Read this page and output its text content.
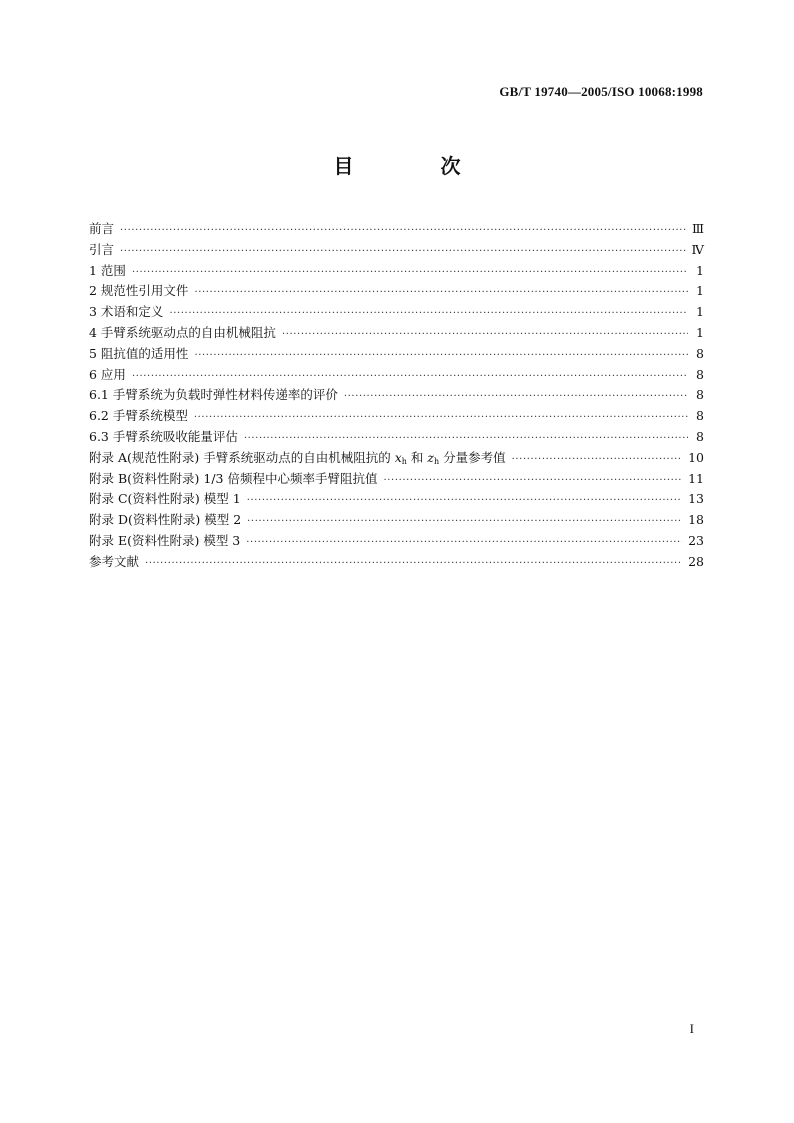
GB/T 19740—2005/ISO 10068:1998
目 次
前言 ·····	Ⅲ
引言 ·····	Ⅳ
1 范围 ·····	1
2 规范性引用文件 ·····	1
3 术语和定义 ·····	1
4 手臂系统驱动点的自由机械阻抗 ·····	1
5 阻抗值的适用性 ·····	8
6 应用 ·····	8
6.1 手臂系统为负载时弹性材料传递率的评价 ·····	8
6.2 手臂系统模型 ·····	8
6.3 手臂系统吸收能量评估 ·····	8
附录 A(规范性附录) 手臂系统驱动点的自由机械阻抗的 $x_h$ 和 $z_h$ 分量参考值 ·····	10
附录 B(资料性附录) 1/3 倍频程中心频率手臂阻抗值 ·····	11
附录 C(资料性附录) 模型 1 ·····	13
附录 D(资料性附录) 模型 2 ·····	18
附录 E(资料性附录) 模型 3 ·····	23
参考文献 ·····	28
I
